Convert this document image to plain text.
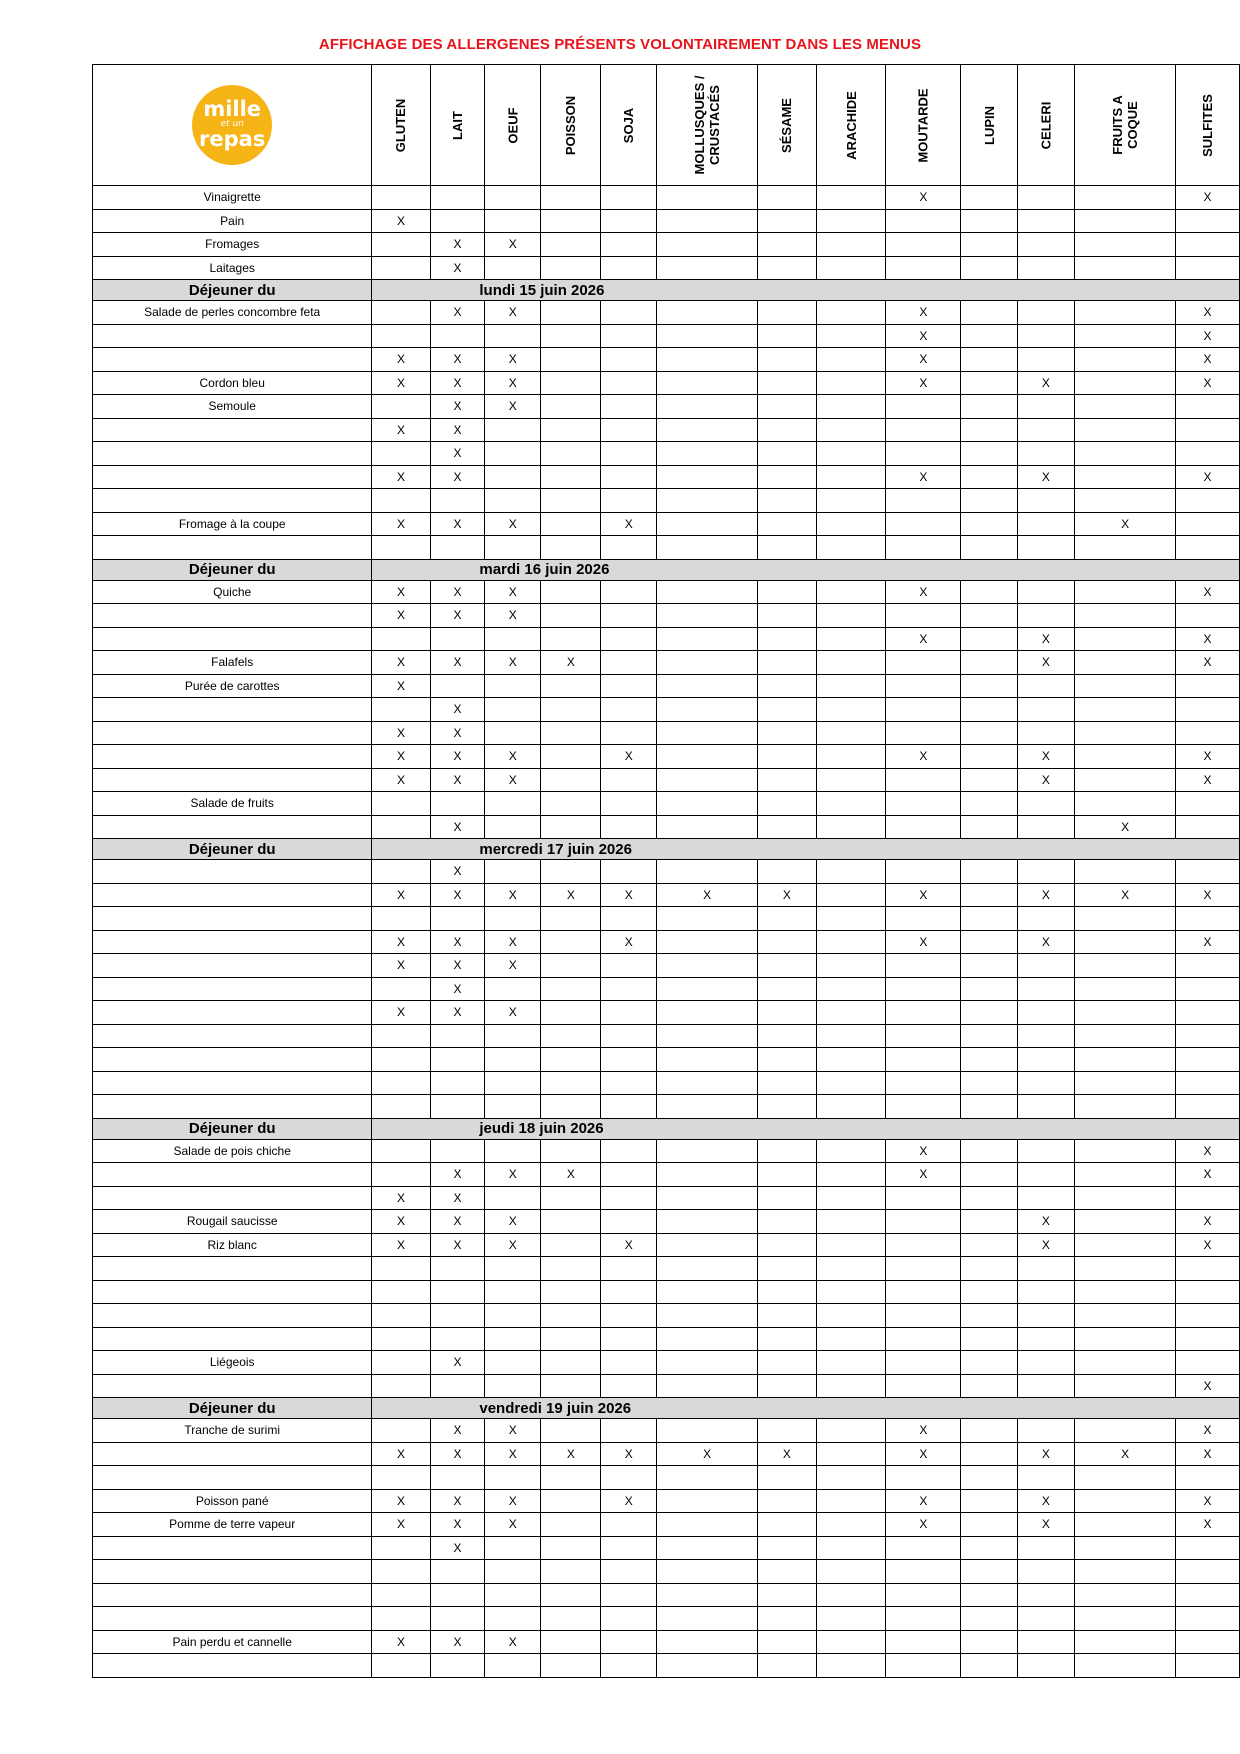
AFFICHAGE DES ALLERGENES PRÉSENTS VOLONTAIREMENT DANS LES MENUS
mille
et un
repas	GLUTEN	LAIT	OEUF	POISSON	SOJA	MOLLUSQUES / CRUSTACÉS	SÉSAME	ARACHIDE	MOUTARDE	LUPIN	CELERI	FRUITS A COQUE	SULFITES
Vinaigrette									X				X
Pain	X												
Fromages		X	X										
Laitages		X											
Déjeuner du	lundi 15 juin 2026												
Salade de perles concombre feta		X	X						X				X
									X				X
	X	X	X						X				X
Cordon bleu	X	X	X						X		X		X
Semoule		X	X										
	X	X											
		X											
	X	X							X		X		X

Fromage à la coupe	X	X	X		X							X	

Déjeuner du	mardi 16 juin 2026												
Quiche	X	X	X						X				X
	X	X	X										
									X		X		X
Falafels	X	X	X	X							X		X
Purée de carottes	X												
		X											
	X	X											
	X	X	X		X				X		X		X
	X	X	X								X		X
Salade de fruits													
		X										X	
Déjeuner du	mercredi 17 juin 2026												
		X											
	X	X	X	X	X	X	X		X		X	X	X

	X	X	X		X				X		X		X
	X	X	X										
		X											
	X	X	X										

Déjeuner du	jeudi 18 juin 2026												
Salade de pois chiche									X				X
		X	X	X					X				X
	X	X											
Rougail saucisse	X	X	X								X		X
Riz blanc	X	X	X		X						X		X

Liégeois		X											
													X
Déjeuner du	vendredi 19 juin 2026												
Tranche de surimi		X	X						X				X
	X	X	X	X	X	X	X		X		X	X	X

Poisson pané	X	X	X		X				X		X		X
Pomme de terre vapeur	X	X	X						X		X		X
		X											

Pain perdu et cannelle	X	X	X										
